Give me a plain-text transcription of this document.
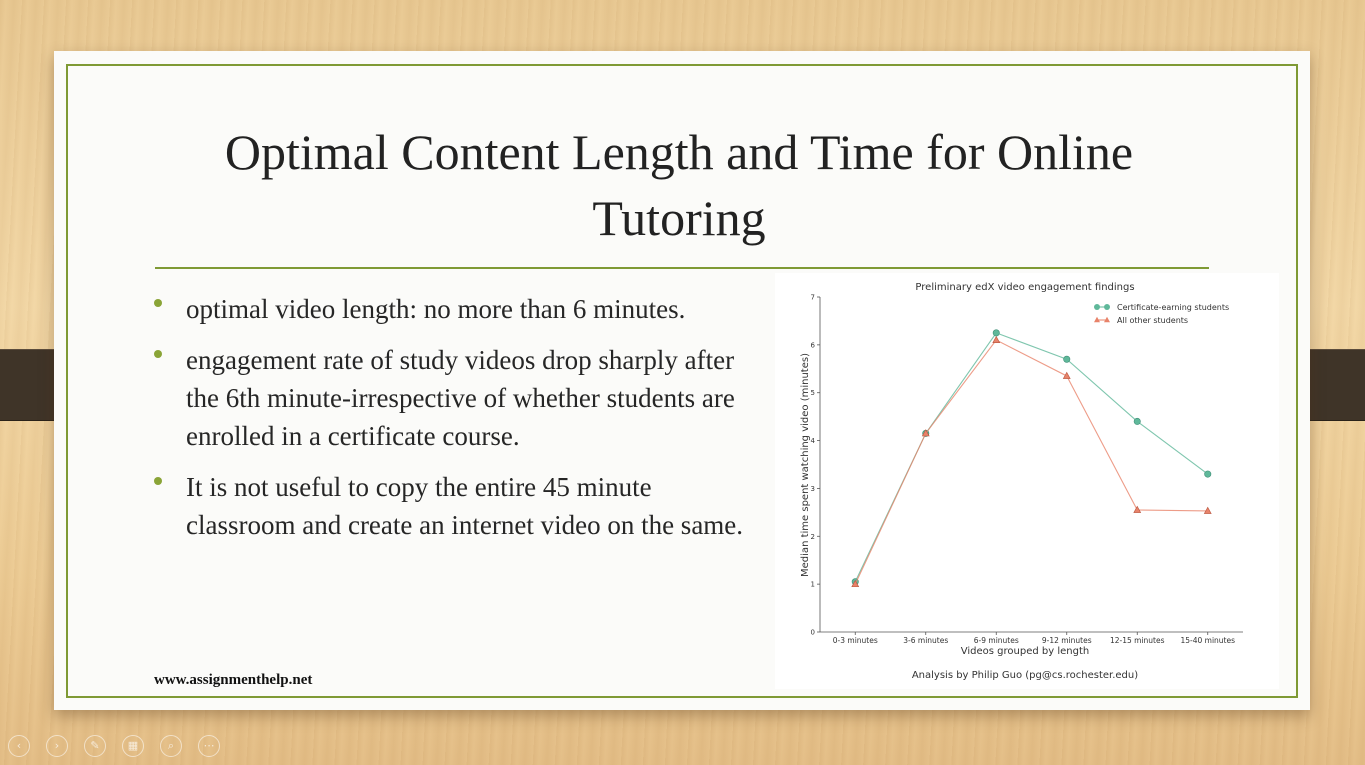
Optimal Content Length and Time for Online Tutoring
optimal video length: no more than 6 minutes.
engagement rate of study videos drop sharply after the 6th minute-irrespective of whether students are enrolled in a certificate course.
It is not useful to copy the entire 45 minute classroom and create an internet video on the same.
www.assignmenthelp.net
Preliminary edX video engagement findings
Videos grouped by length
Median time spent watching video (minutes)
Analysis by Philip Guo (pg@cs.rochester.edu)
0
1
2
3
4
5
6
7
0-3 minutes	3-6 minutes	6-9 minutes	9-12 minutes 12-15 minutes 15-40 minutes
Certificate-earning students
All other students
‹	›	✎	▦	⌕	⋯
